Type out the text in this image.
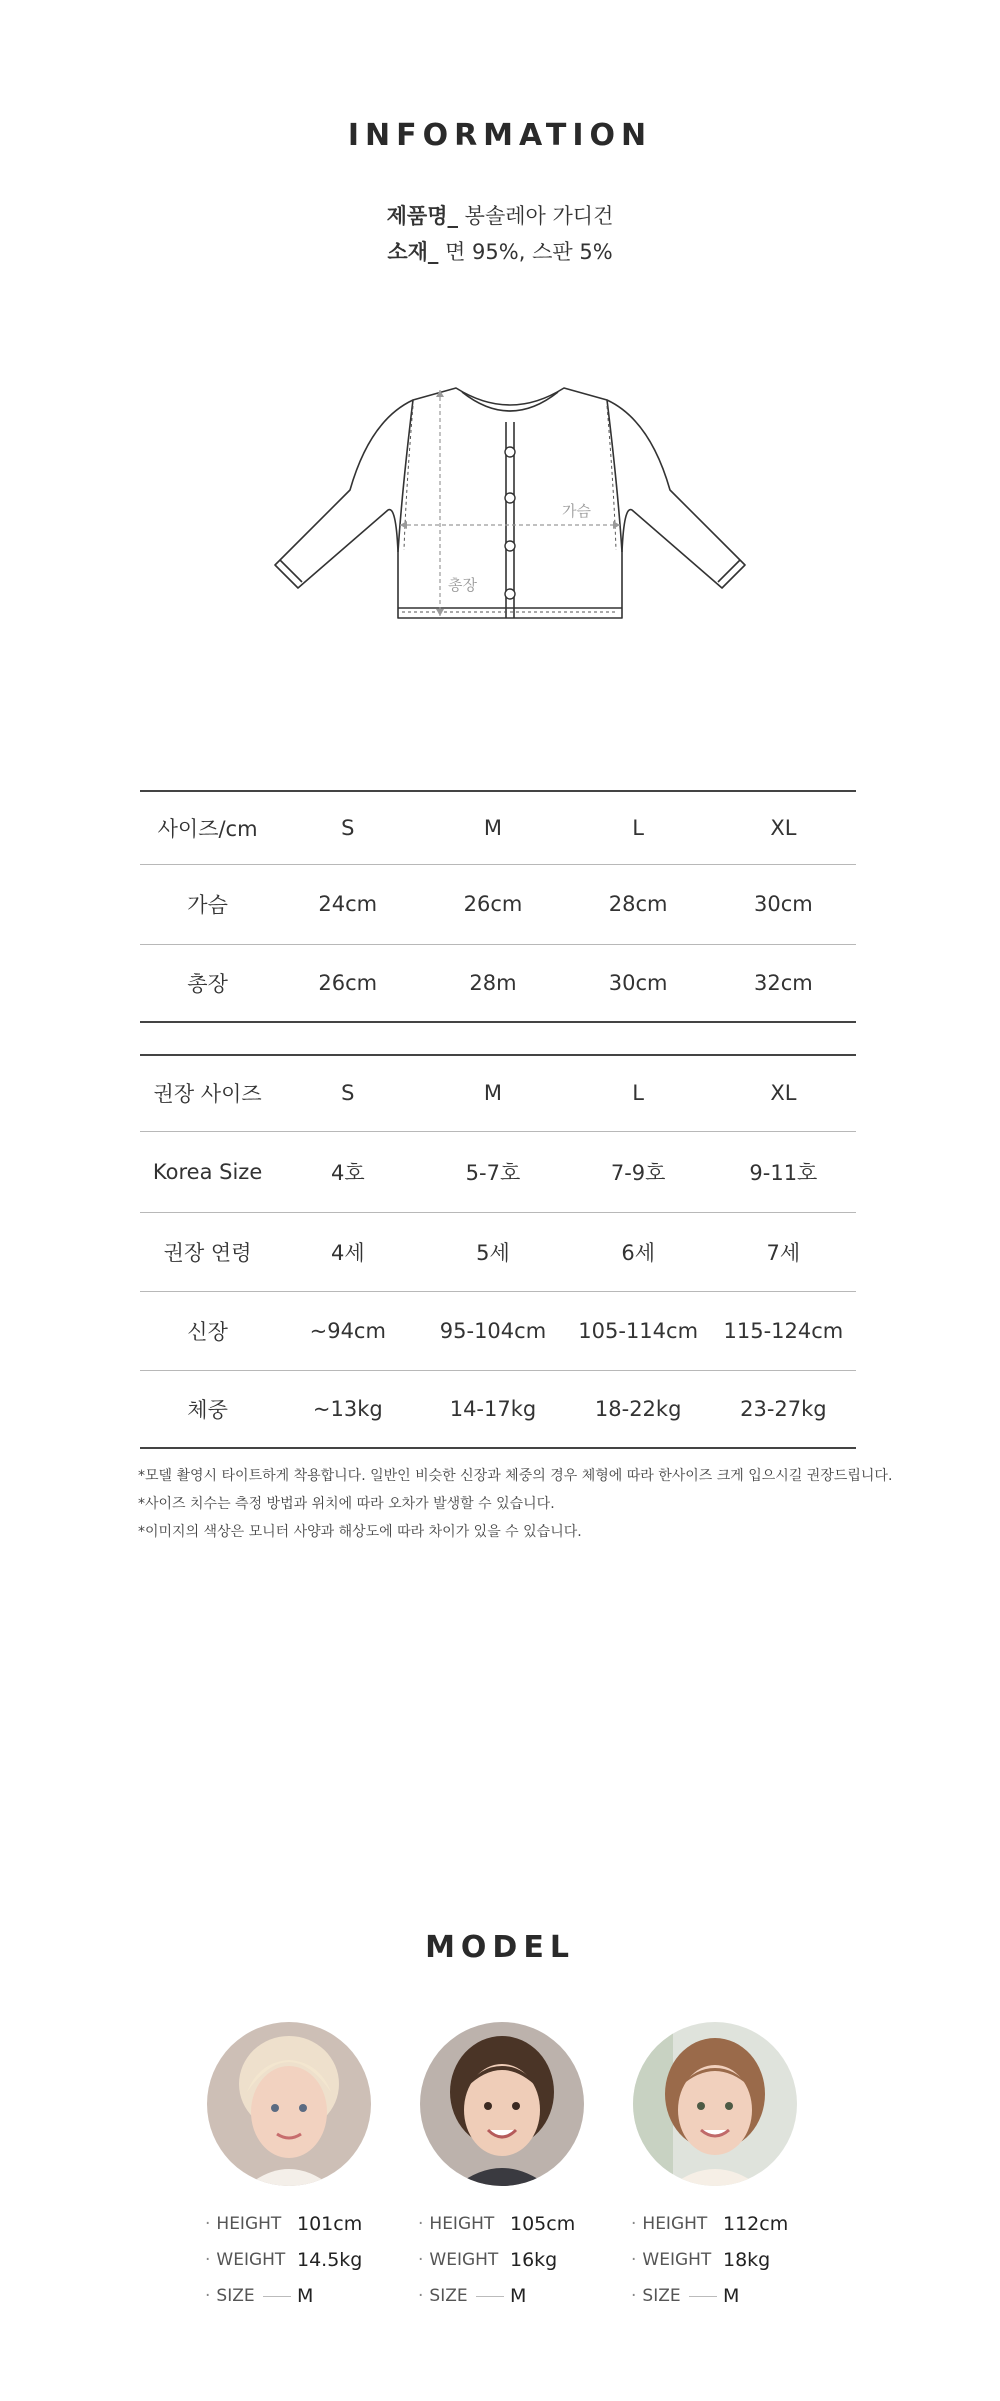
INFORMATION
제품명_ 봉솔레아 가디건
소재_ 면 95%, 스판 5%
가슴
총장
사이즈/cm	S	M	L	XL
가슴	24cm	26cm	28cm	30cm
총장	26cm	28m	30cm	32cm
권장 사이즈	S	M	L	XL
Korea Size	4호	5-7호	7-9호	9-11호
권장 연령	4세	5세	6세	7세
신장	~94cm	95-104cm	105-114cm	115-124cm
체중	~13kg	14-17kg	18-22kg	23-27kg
*모델 촬영시 타이트하게 착용합니다. 일반인 비슷한 신장과 체중의 경우 체형에 따라 한사이즈 크게 입으시길 권장드립니다.
*사이즈 치수는 측정 방법과 위치에 따라 오차가 발생할 수 있습니다.
*이미지의 색상은 모니터 사양과 해상도에 따라 차이가 있을 수 있습니다.
MODEL
· HEIGHT 101cm
· WEIGHT 14.5kg
· SIZE	M
· HEIGHT 105cm
· WEIGHT 16kg
· SIZE	M
· HEIGHT 112cm
· WEIGHT 18kg
· SIZE	M
